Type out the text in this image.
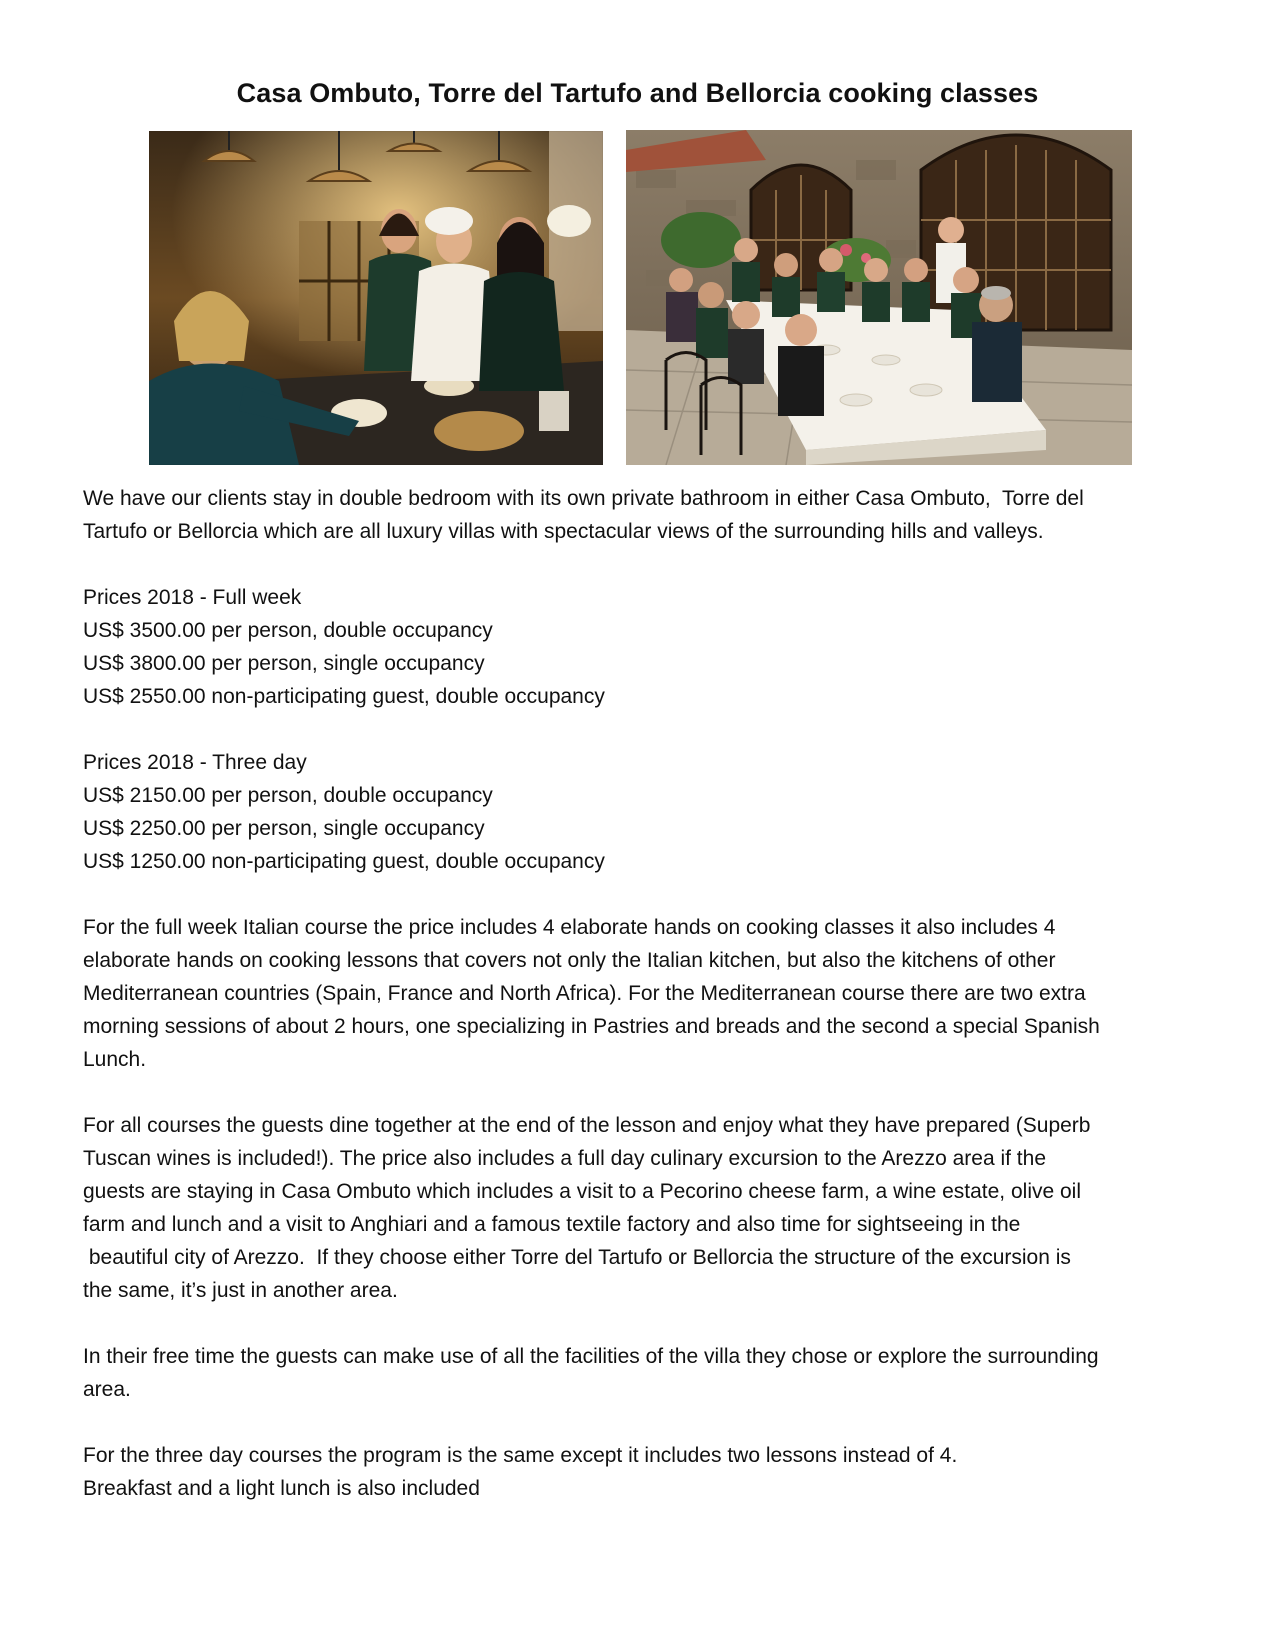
Casa Ombuto, Torre del Tartufo and Bellorcia cooking classes

We have our clients stay in double bedroom with its own private bathroom in either Casa Ombuto,  Torre del
Tartufo or Bellorcia which are all luxury villas with spectacular views of the surrounding hills and valleys.

Prices 2018 - Full week
US$ 3500.00 per person, double occupancy
US$ 3800.00 per person, single occupancy
US$ 2550.00 non-participating guest, double occupancy

Prices 2018 - Three day
US$ 2150.00 per person, double occupancy
US$ 2250.00 per person, single occupancy
US$ 1250.00 non-participating guest, double occupancy

For the full week Italian course the price includes 4 elaborate hands on cooking classes it also includes 4
elaborate hands on cooking lessons that covers not only the Italian kitchen, but also the kitchens of other
Mediterranean countries (Spain, France and North Africa). For the Mediterranean course there are two extra
morning sessions of about 2 hours, one specializing in Pastries and breads and the second a special Spanish
Lunch.

For all courses the guests dine together at the end of the lesson and enjoy what they have prepared (Superb
Tuscan wines is included!). The price also includes a full day culinary excursion to the Arezzo area if the
guests are staying in Casa Ombuto which includes a visit to a Pecorino cheese farm, a wine estate, olive oil
farm and lunch and a visit to Anghiari and a famous textile factory and also time for sightseeing in the
beautiful city of Arezzo.  If they choose either Torre del Tartufo or Bellorcia the structure of the excursion is
the same, it’s just in another area.

In their free time the guests can make use of all the facilities of the villa they chose or explore the surrounding
area.

For the three day courses the program is the same except it includes two lessons instead of 4.
Breakfast and a light lunch is also included
